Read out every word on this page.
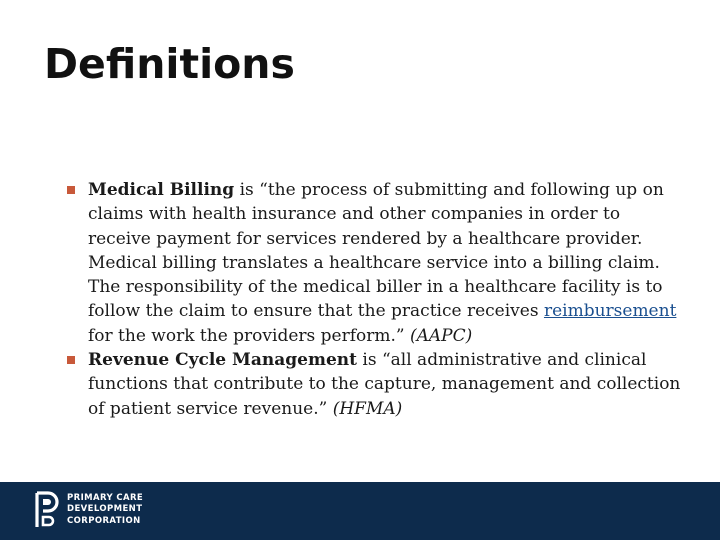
Definitions
Medical Billing is “the process of submitting and following up on claims with health insurance and other companies in order to receive payment for services rendered by a healthcare provider. Medical billing translates a healthcare service into a billing claim. The responsibility of the medical biller in a healthcare facility is to follow the claim to ensure that the practice receives reimbursement for the work the providers perform.” (AAPC)
Revenue Cycle Management is “all administrative and clinical functions that contribute to the capture, management and collection of patient service revenue.” (HFMA)
PRIMARY CARE
DEVELOPMENT
CORPORATION
